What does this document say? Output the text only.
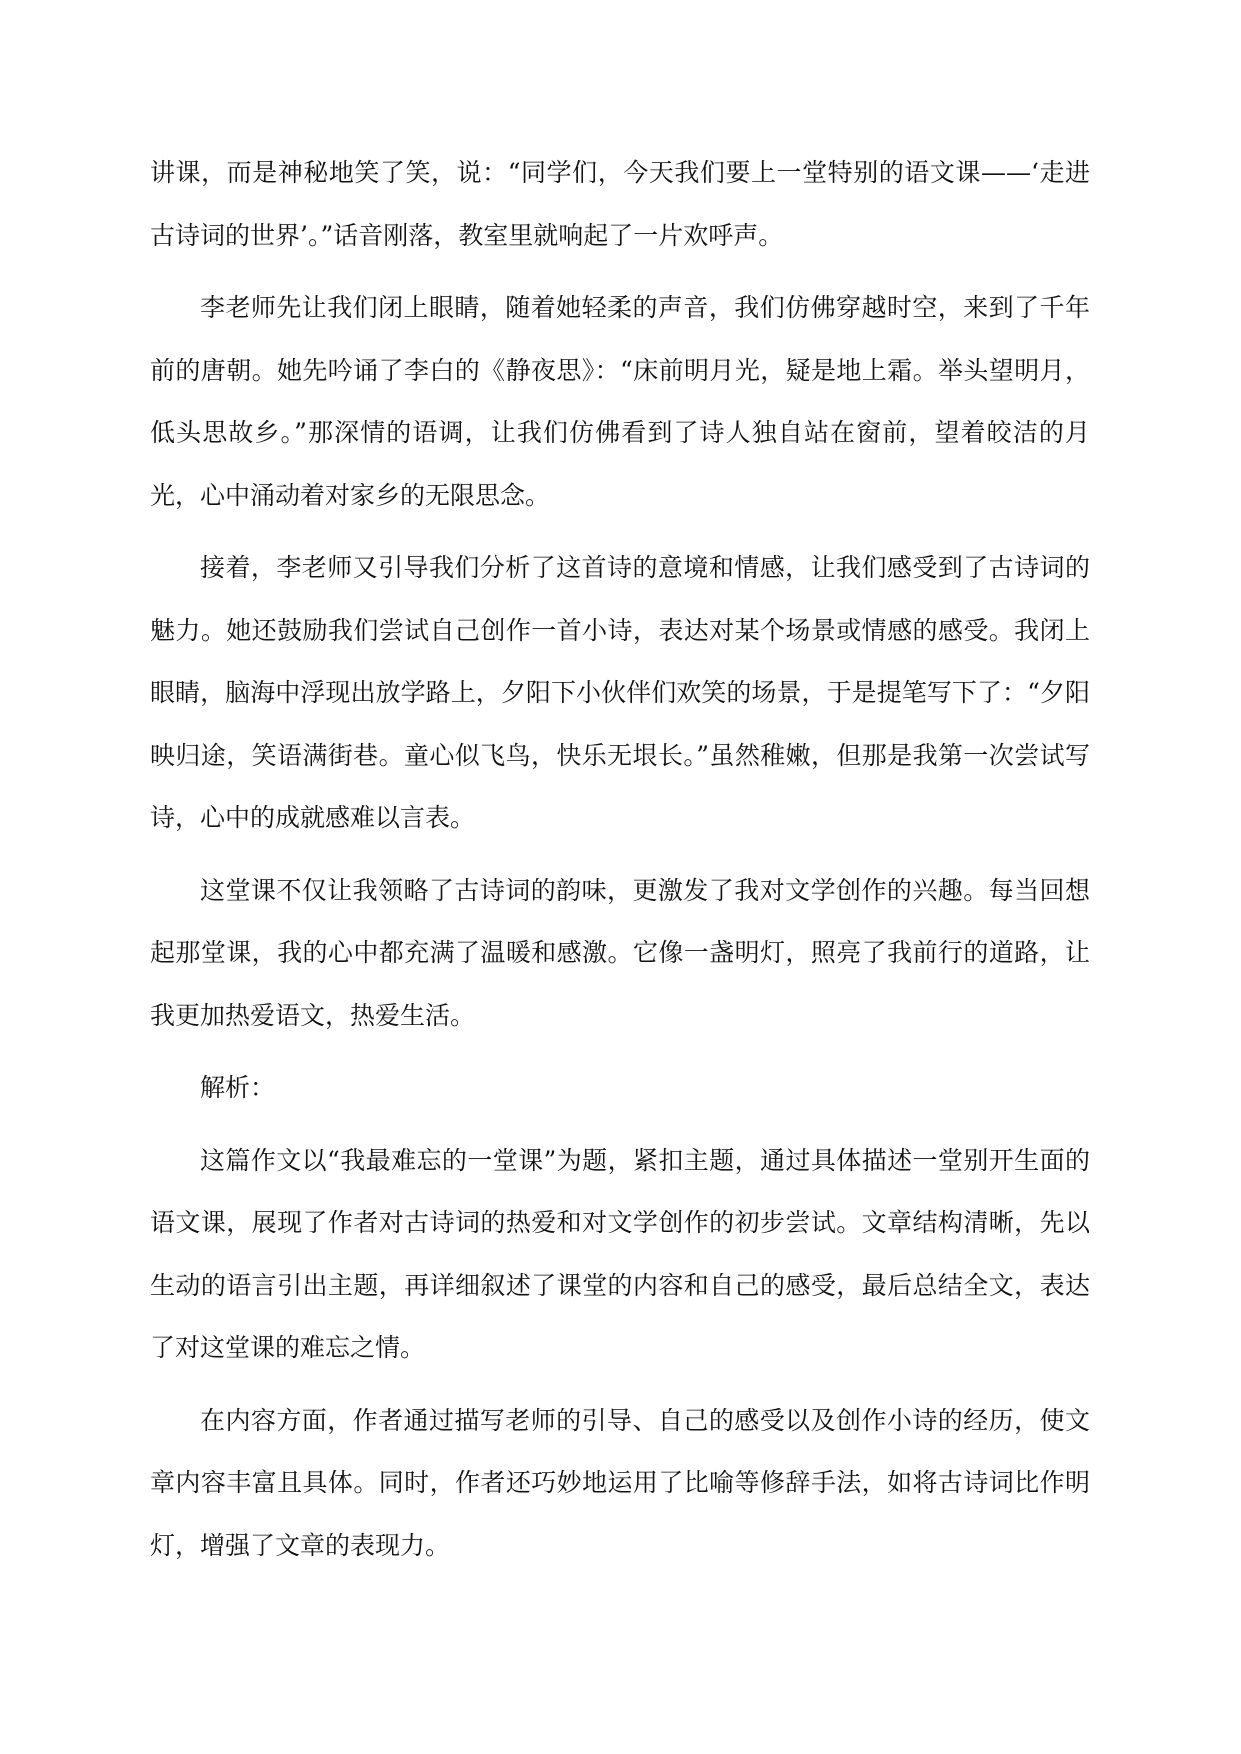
讲课，而是神秘地笑了笑，说：“同学们，今天我们要上一堂特别的语文课——‘走进古诗词的世界’。”话音刚落，教室里就响起了一片欢呼声。

李老师先让我们闭上眼睛，随着她轻柔的声音，我们仿佛穿越时空，来到了千年前的唐朝。她先吟诵了李白的《静夜思》：“床前明月光，疑是地上霜。举头望明月，低头思故乡。”那深情的语调，让我们仿佛看到了诗人独自站在窗前，望着皎洁的月光，心中涌动着对家乡的无限思念。

接着，李老师又引导我们分析了这首诗的意境和情感，让我们感受到了古诗词的魅力。她还鼓励我们尝试自己创作一首小诗，表达对某个场景或情感的感受。我闭上眼睛，脑海中浮现出放学路上，夕阳下小伙伴们欢笑的场景，于是提笔写下了：“夕阳映归途，笑语满街巷。童心似飞鸟，快乐无垠长。”虽然稚嫩，但那是我第一次尝试写诗，心中的成就感难以言表。

这堂课不仅让我领略了古诗词的韵味，更激发了我对文学创作的兴趣。每当回想起那堂课，我的心中都充满了温暖和感激。它像一盏明灯，照亮了我前行的道路，让我更加热爱语文，热爱生活。

解析：

这篇作文以“我最难忘的一堂课”为题，紧扣主题，通过具体描述一堂别开生面的语文课，展现了作者对古诗词的热爱和对文学创作的初步尝试。文章结构清晰，先以生动的语言引出主题，再详细叙述了课堂的内容和自己的感受，最后总结全文，表达了对这堂课的难忘之情。

在内容方面，作者通过描写老师的引导、自己的感受以及创作小诗的经历，使文章内容丰富且具体。同时，作者还巧妙地运用了比喻等修辞手法，如将古诗词比作明灯，增强了文章的表现力。
